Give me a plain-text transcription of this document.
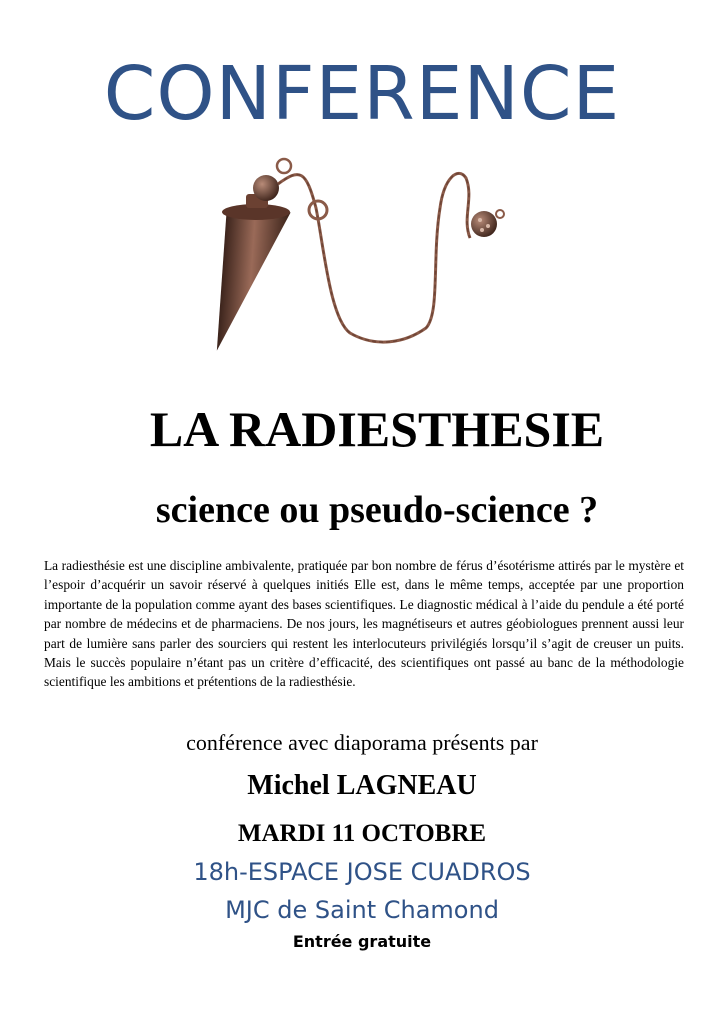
CONFERENCE
LA RADIESTHESIE
science ou pseudo-science ?
La radiesthésie est une discipline ambivalente, pratiquée par bon nombre de férus d’ésotérisme attirés par le mystère et l’espoir d’acquérir un savoir réservé à quelques initiés Elle est, dans le même temps, acceptée par une proportion importante de la population comme ayant des bases scientifiques. Le diagnostic médical à l’aide du pendule a été porté par nombre de médecins et de pharmaciens. De nos jours, les magnétiseurs et autres géobiologues prennent aussi leur part de lumière sans parler des sourciers qui restent les interlocuteurs privilégiés lorsqu’il s’agit de creuser un puits. Mais le succès populaire n’étant pas un critère d’efficacité, des scientifiques ont passé au banc de la méthodologie scientifique les ambitions et prétentions de la radiesthésie.
conférence avec diaporama présents par
Michel LAGNEAU
MARDI 11 OCTOBRE
18h-ESPACE JOSE CUADROS
MJC de Saint Chamond
Entrée gratuite
